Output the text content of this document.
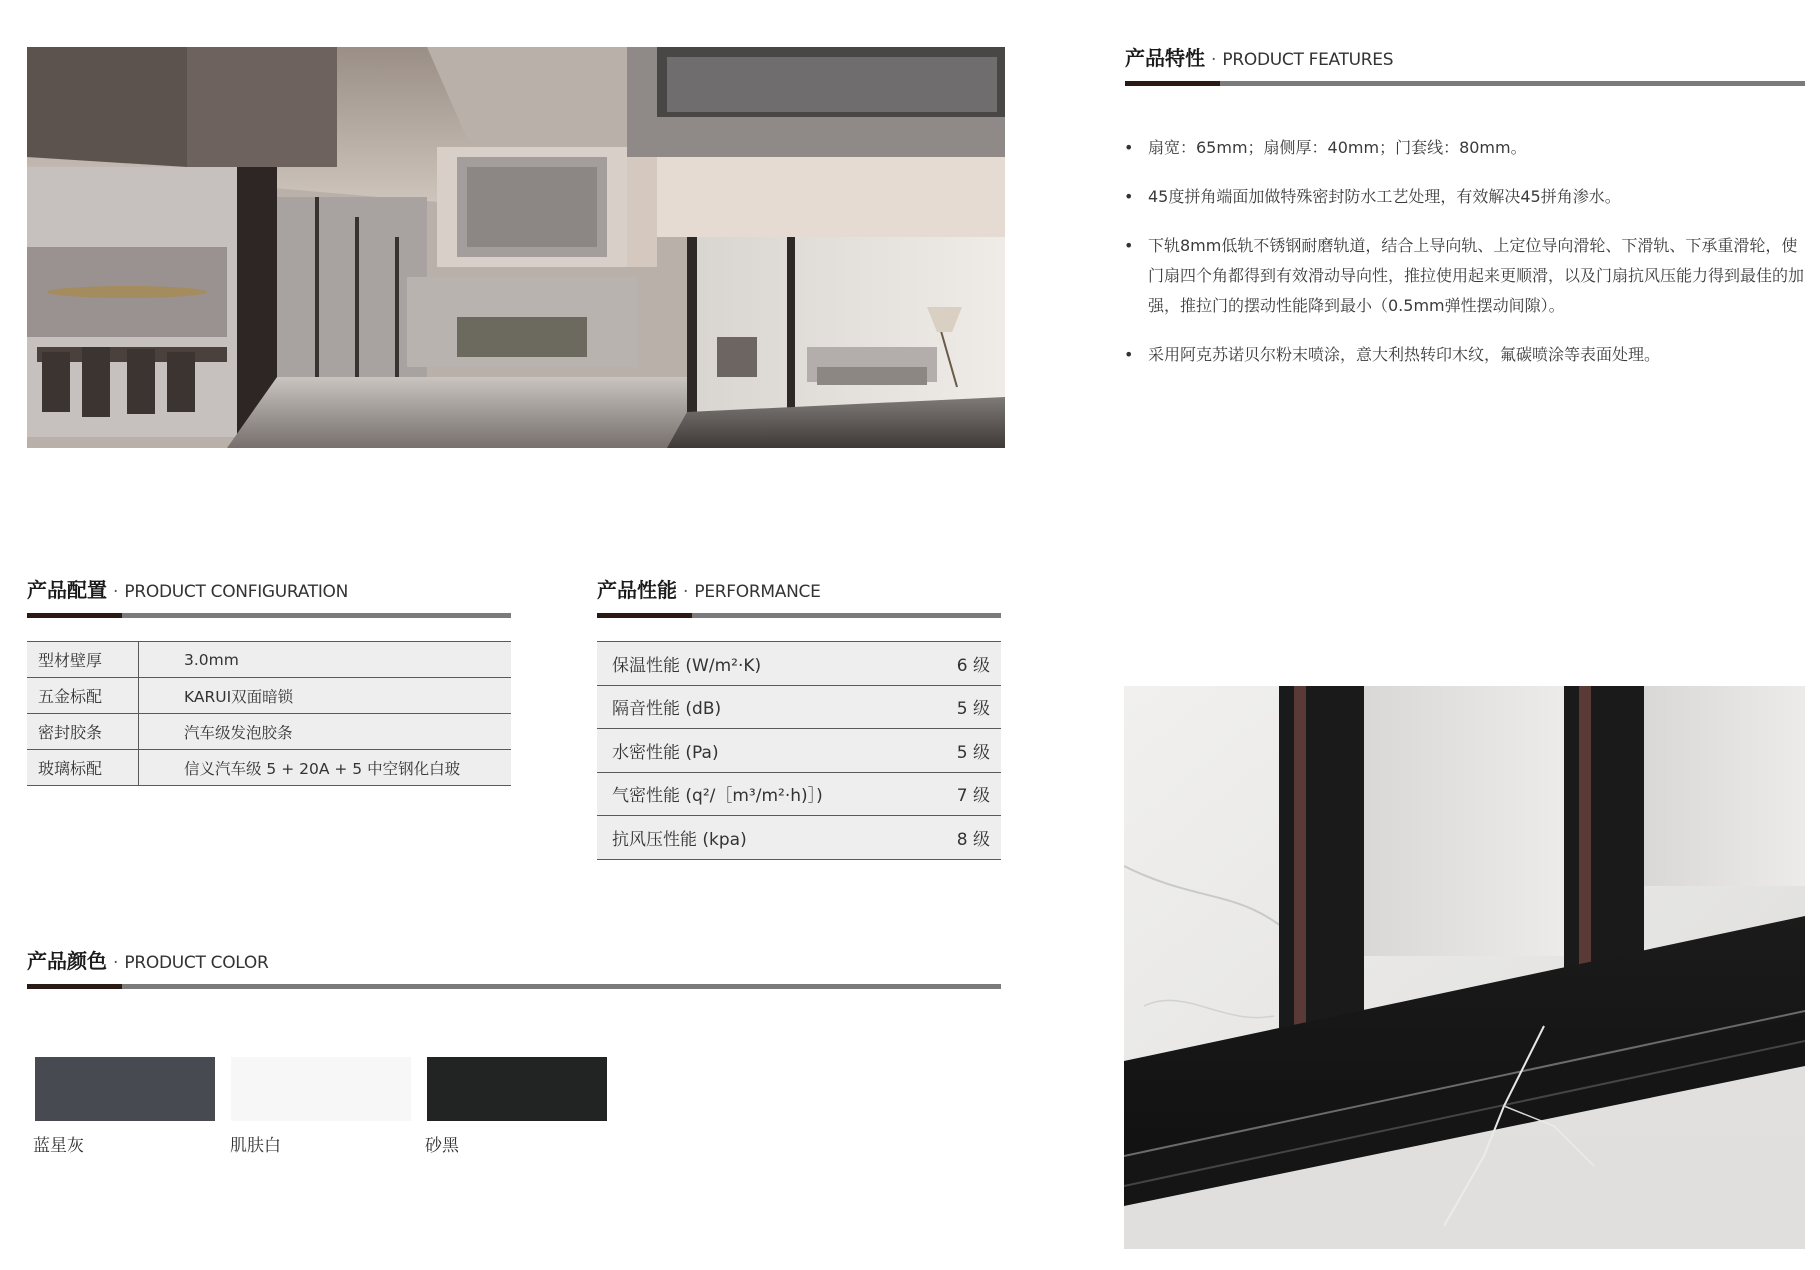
产品特性 · PRODUCT FEATURES
• 扇宽：65mm；扇侧厚：40mm；门套线：80mm。
• 45度拼角端面加做特殊密封防水工艺处理，有效解决45拼角渗水。
• 下轨8mm低轨不锈钢耐磨轨道，结合上导向轨、上定位导向滑轮、下滑轨、下承重滑轮，使门扇四个角都得到有效滑动导向性，推拉使用起来更顺滑，以及门扇抗风压能力得到最佳的加强，推拉门的摆动性能降到最小（0.5mm弹性摆动间隙）。
• 采用阿克苏诺贝尔粉末喷涂，意大利热转印木纹，氟碳喷涂等表面处理。
产品配置 · PRODUCT CONFIGURATION
型材壁厚	3.0mm
五金标配	KARUI双面暗锁
密封胶条	汽车级发泡胶条
玻璃标配	信义汽车级 5 + 20A + 5 中空钢化白玻
产品性能 · PERFORMANCE
保温性能 (W/m²·K)	6 级
隔音性能 (dB)	5 级
水密性能 (Pa)	5 级
气密性能 (q²/［m³/m²·h)］)	7 级
抗风压性能 (kpa)	8 级
产品颜色 · PRODUCT COLOR
蓝星灰	肌肤白	砂黑
